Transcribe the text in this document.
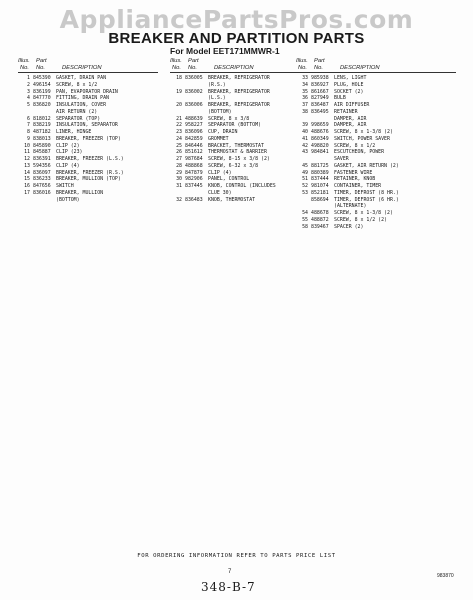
AppliancePartsPros.com
BREAKER AND PARTITION PARTS
For Model EET171MMWR-1
Illus. Part
No. No.	DESCRIPTION
1 845390 GASKET, DRAIN PAN
2 496154 SCREW, 8 x 1/2
3 836199 PAN, EVAPORATOR DRAIN
4 847770 FITTING, DRAIN PAN
5 836820 INSULATION, COVER
AIR RETURN (2)
6 818012 SEPARATOR (TOP)
7 838219 INSULATION, SEPARATOR
8 487182 LINER, HINGE
9 838013 BREAKER, FREEZER (TOP)
10 845890 CLIP (2)
11 845887 CLIP (23)
12 836391 BREAKER, FREEZER (L.S.)
13 594356 CLIP (4)
14 836097 BREAKER, FREEZER (R.S.)
15 836233 BREAKER, MULLION (TOP)
16 847656 SWITCH
17 836016 BREAKER, MULLION
(BOTTOM)
Illus. Part
No. No.	DESCRIPTION
18 836005 BREAKER, REFRIGERATOR
(R.S.)
19 836002 BREAKER, REFRIGERATOR
(L.S.)
20 836006 BREAKER, REFRIGERATOR
(BOTTOM)
21 488639 SCREW, 8 x 3/8
22 958227 SEPARATOR (BOTTOM)
23 836096 CUP, DRAIN
24 842859 GROMMET
25 846446 BRACKET, THERMOSTAT
26 851612 THERMOSTAT & BARRIER
27 987684 SCREW, 8-15 x 3/8 (2)
28 488868 SCREW, 6-32 x 3/8
29 847879 CLIP (4)
30 982906 PANEL, CONTROL
31 837445 KNOB, CONTROL (INCLUDES
CLUE 30)
32 836483 KNOB, THERMOSTAT
Illus. Part
No. No.	DESCRIPTION
33 985938 LENS, LIGHT
34 836927 PLUG, HOLE
35 861667 SOCKET (2)
36 827949 BULB
37 836487 AIR DIFFUSER
38 836495 RETAINER
DAMPER, AIR
39 998659 DAMPER, AIR
40 488676 SCREW, 8 x 1-3/8 (2)
41 860349 SWITCH, POWER SAVER
42 498820 SCREW, 8 x 1/2
43 984841 ESCUTCHEON, POWER
SAVER
45 881725 GASKET, AIR RETURN (2)
49 880389 FASTENER WIRE
51 837444 RETAINER, KNOB
52 981074 CONTAINER, TIMER
53 852181 TIMER, DEFROST (8 HR.)
858694 TIMER, DEFROST (6 HR.)
(ALTERNATE)
54 488678 SCREW, 8 x 1-3/8 (2)
55 488872 SCREW, 8 x 1/2 (2)
58 839467 SPACER (2)
FOR ORDERING INFORMATION REFER TO PARTS PRICE LIST
7
983870
348-B-7
